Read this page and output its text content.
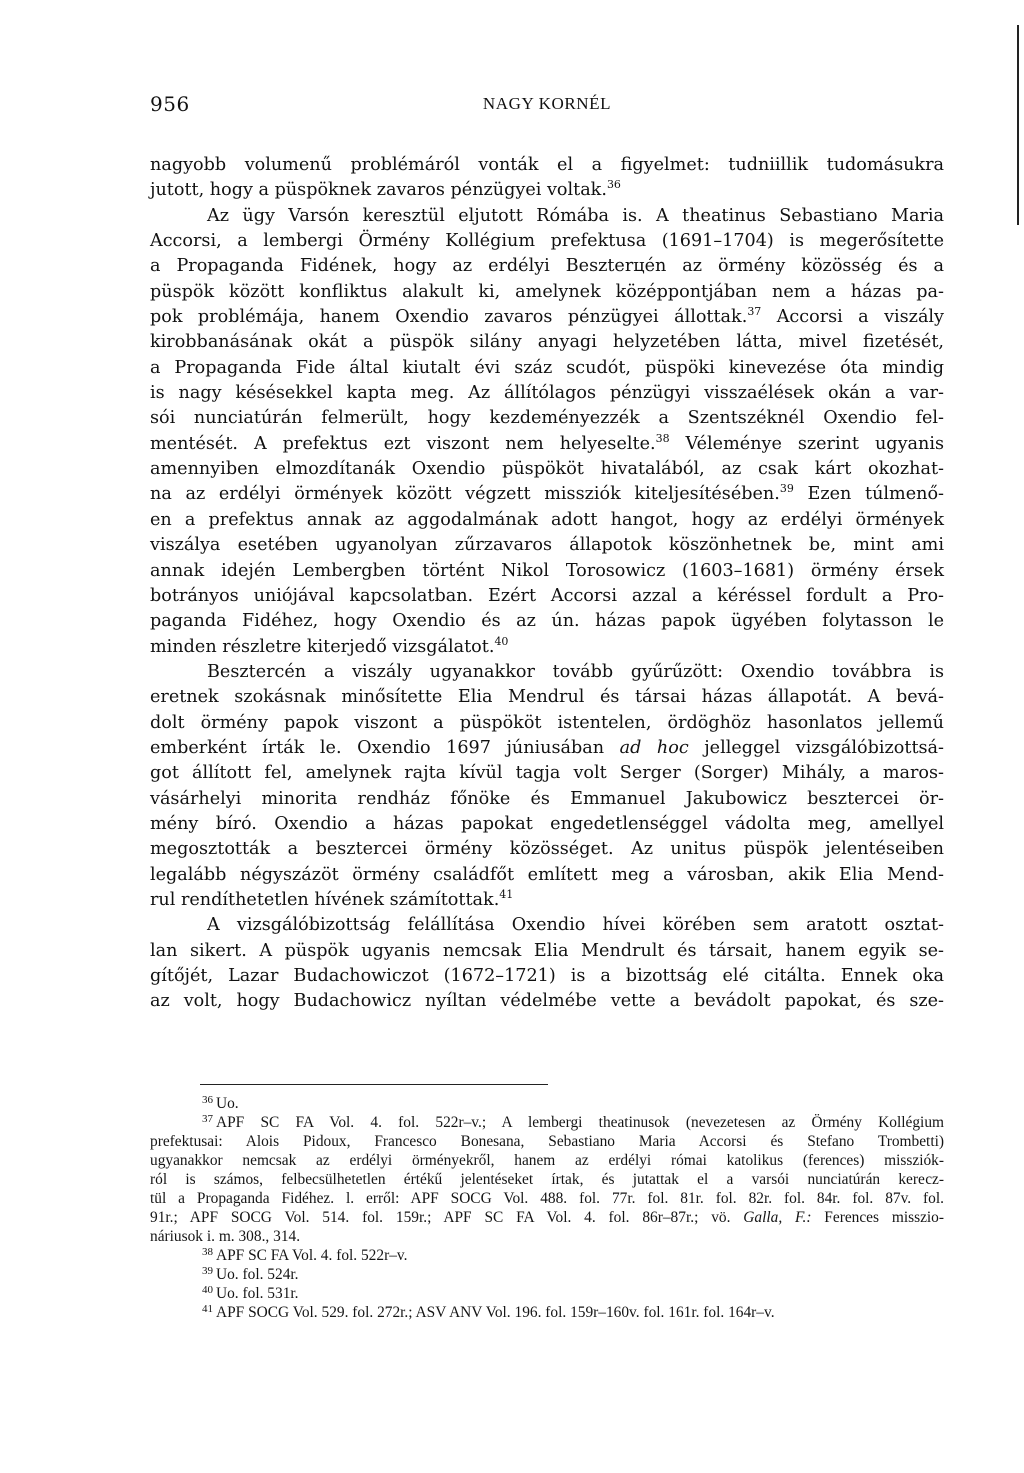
956	NAGY KORNÉL
nagyobb volumenű problémáról vonták el a figyelmet: tudniillik tudomásukra
jutott, hogy a püspöknek zavaros pénzügyei voltak.$^{36}$
Az ügy Varsón keresztül eljutott Rómába is. A theatinus Sebastiano Maria
Accorsi, a lembergi Örmény Kollégium prefektusa (1691–1704) is megerősítette
a Propaganda Fidének, hogy az erdélyi Beszterцén az örmény közösség és a
püspök között konfliktus alakult ki, amelynek középpontjában nem a házas pa-
pok problémája, hanem Oxendio zavaros pénzügyei állottak.$^{37}$ Accorsi a viszály
kirobbanásának okát a püspök silány anyagi helyzetében látta, mivel fizetését,
a Propaganda Fide által kiutalt évi száz scudót, püspöki kinevezése óta mindig
is nagy késésekkel kapta meg. Az állítólagos pénzügyi visszaélések okán a var-
sói nunciatúrán felmerült, hogy kezdeményezzék a Szentszéknél Oxendio fel-
mentését. A prefektus ezt viszont nem helyeselte.$^{38}$ Véleménye szerint ugyanis
amennyiben elmozdítanák Oxendio püspököt hivatalából, az csak kárt okozhat-
na az erdélyi örmények között végzett missziók kiteljesítésében.$^{39}$ Ezen túlmenő-
en a prefektus annak az aggodalmának adott hangot, hogy az erdélyi örmények
viszálya esetében ugyanolyan zűrzavaros állapotok köszönhetnek be, mint ami
annak idején Lembergben történt Nikol Torosowicz (1603–1681) örmény érsek
botrányos uniójával kapcsolatban. Ezért Accorsi azzal a kéréssel fordult a Pro-
paganda Fidéhez, hogy Oxendio és az ún. házas papok ügyében folytasson le
minden részletre kiterjedő vizsgálatot.$^{40}$
Besztercén a viszály ugyanakkor tovább gyűrűzött: Oxendio továbbra is
eretnek szokásnak minősítette Elia Mendrul és társai házas állapotát. A bevá-
dolt örmény papok viszont a püspököt istentelen, ördöghöz hasonlatos jellemű
emberként írták le. Oxendio 1697 júniusában ad hoc jelleggel vizsgálóbizottsá-
got állított fel, amelynek rajta kívül tagja volt Serger (Sorger) Mihály, a maros-
vásárhelyi minorita rendház főnöke és Emmanuel Jakubowicz besztercei ör-
mény bíró. Oxendio a házas papokat engedetlenséggel vádolta meg, amellyel
megosztották a besztercei örmény közösséget. Az unitus püspök jelentéseiben
legalább négyszázöt örmény családfőt említett meg a városban, akik Elia Mend-
rul rendíthetetlen hívének számítottak.$^{41}$
A vizsgálóbizottság felállítása Oxendio hívei körében sem aratott osztat-
lan sikert. A püspök ugyanis nemcsak Elia Mendrult és társait, hanem egyik se-
gítőjét, Lazar Budachowiczot (1672–1721) is a bizottság elé citálta. Ennek oka
az volt, hogy Budachowicz nyíltan védelmébe vette a bevádolt papokat, és sze-
$^{36}$ Uo.
$^{37}$ APF SC FA Vol. 4. fol. 522r–v.; A lembergi theatinusok (nevezetesen az Örmény Kollégium
prefektusai: Alois Pidoux, Francesco Bonesana, Sebastiano Maria Accorsi és Stefano Trombetti)
ugyanakkor nemcsak az erdélyi örményekről, hanem az erdélyi római katolikus (ferences) missziók-
ról is számos, felbecsülhetetlen értékű jelentéseket írtak, és jutattak el a varsói nunciatúrán kerесz-
tül a Propaganda Fidéhez. l. erről: APF SOCG Vol. 488. fol. 77r. fol. 81r. fol. 82r. fol. 84r. fol. 87v. fol.
91r.; APF SOCG Vol. 514. fol. 159r.; APF SC FA Vol. 4. fol. 86r–87r.; vö. Galla, F.: Ferences misszio-
náriusok i. m. 308., 314.
$^{38}$ APF SC FA Vol. 4. fol. 522r–v.
$^{39}$ Uo. fol. 524r.
$^{40}$ Uo. fol. 531r.
$^{41}$ APF SOCG Vol. 529. fol. 272r.; ASV ANV Vol. 196. fol. 159r–160v. fol. 161r. fol. 164r–v.
